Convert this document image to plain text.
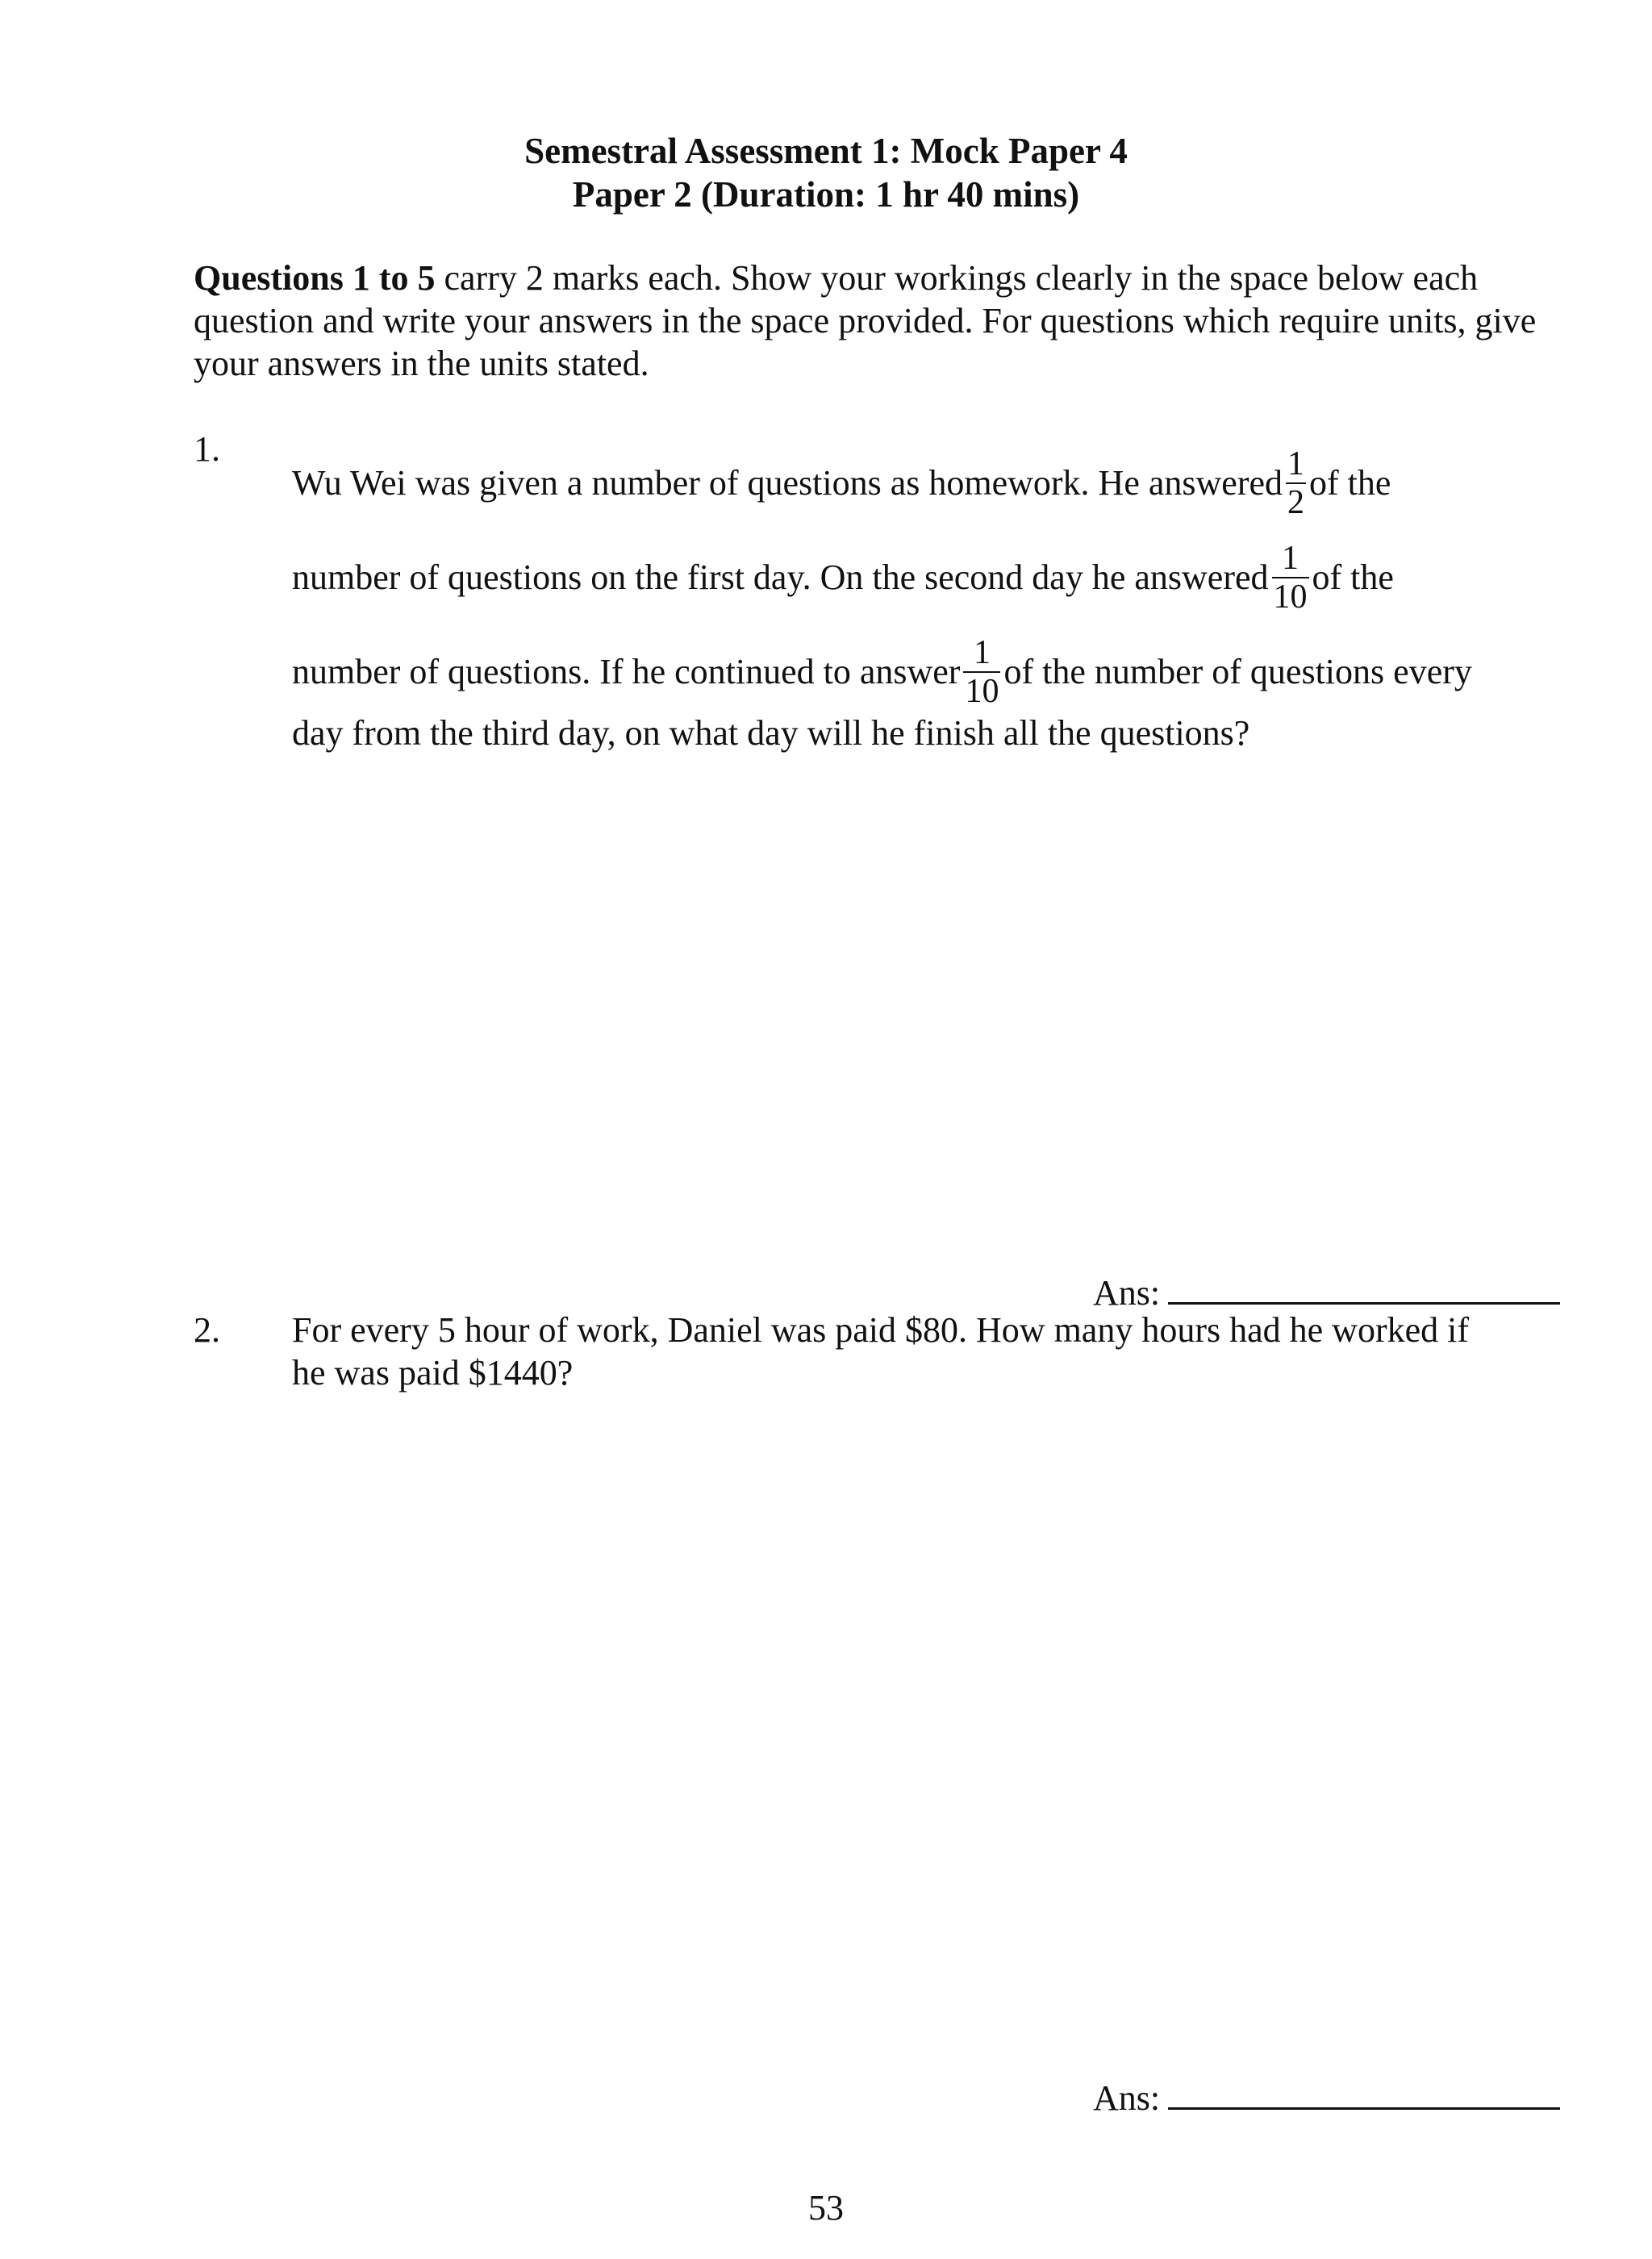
Semestral Assessment 1: Mock Paper 4
Paper 2 (Duration: 1 hr 40 mins)
Questions 1 to 5 carry 2 marks each. Show your workings clearly in the space below each question and write your answers in the space provided. For questions which require units, give your answers in the units stated.
1.
Wu Wei was given a number of questions as homework. He answered $\frac{1}{2}$ of the
number of questions on the first day. On the second day he answered $\frac{1}{10}$ of the
number of questions. If he continued to answer $\frac{1}{10}$ of the number of questions every
day from the third day, on what day will he finish all the questions?
Ans:
2. For every 5 hour of work, Daniel was paid $80. How many hours had he worked if
he was paid $1440?
Ans:
53
